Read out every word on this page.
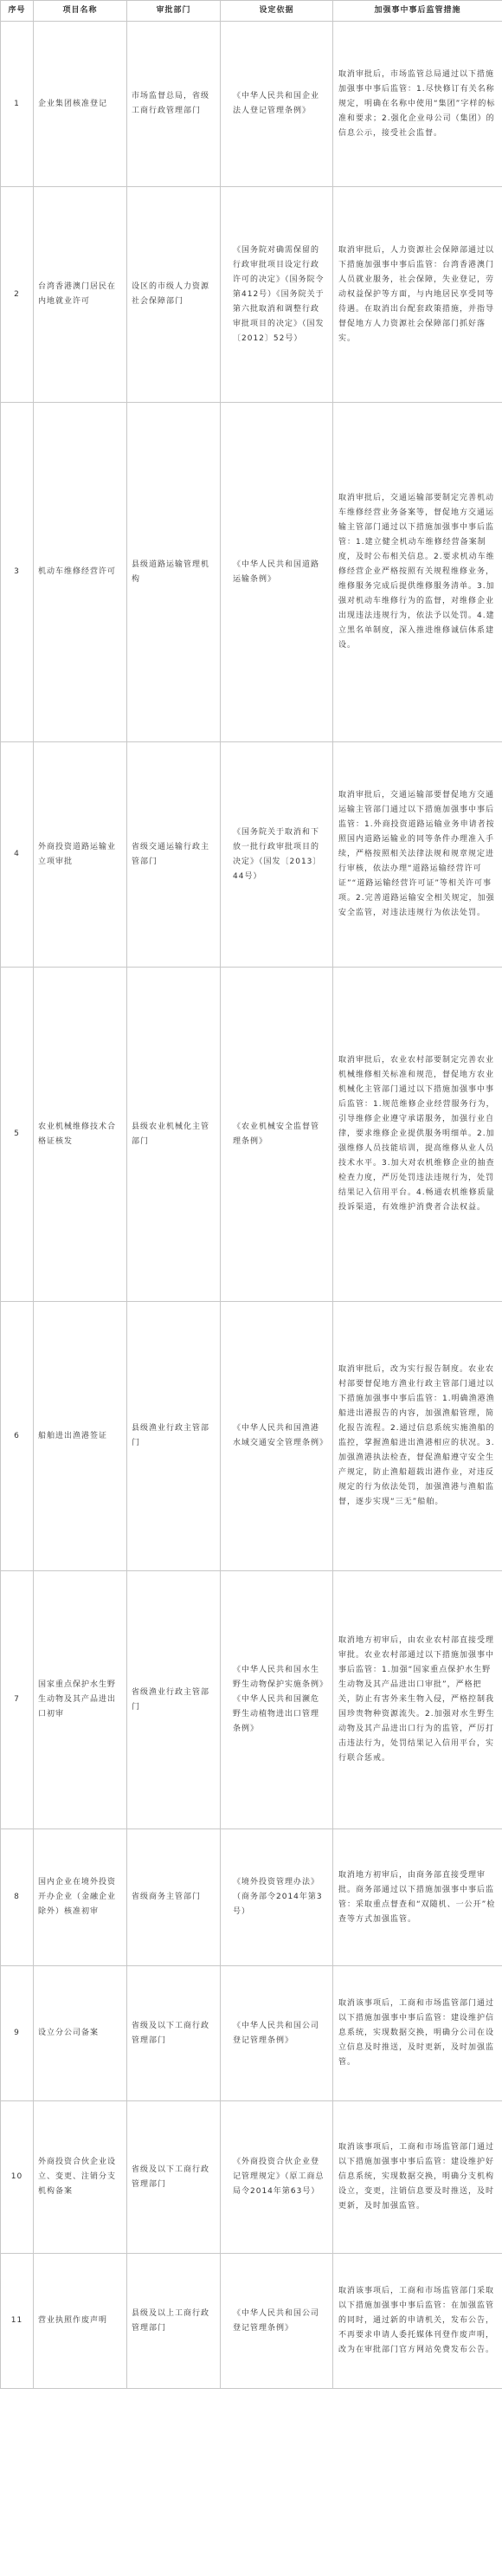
序号	项目名称	审批部门	设定依据	加强事中事后监管措施
1	企业集团核准登记	市场监督总局，省级工商行政管理部门	《中华人民共和国企业法人登记管理条例》	取消审批后，市场监管总局通过以下措施加强事中事后监管：1.尽快修订有关名称规定，明确在名称中使用“集团”字样的标准和要求；2.强化企业母公司（集团）的信息公示，接受社会监督。
2	台湾香港澳门居民在内地就业许可	设区的市级人力资源社会保障部门	《国务院对确需保留的行政审批项目设定行政许可的决定》（国务院令第412号）《国务院关于第六批取消和调整行政审批项目的决定》（国发〔2012〕52号）	取消审批后，人力资源社会保障部通过以下措施加强事中事后监管：台湾香港澳门人员就业服务，社会保障，失业登记，劳动权益保护等方面，与内地居民享受同等待遇。在取消出台配套政策措施，并指导督促地方人力资源社会保障部门抓好落实。
3	机动车维修经营许可	县级道路运输管理机构	《中华人民共和国道路运输条例》	取消审批后，交通运输部要制定完善机动车维修经营业务备案等，督促地方交通运输主管部门通过以下措施加强事中事后监管：1.建立健全机动车维修经营备案制度，及时公布相关信息。2.要求机动车维修经营企业严格按照有关规程维修业务，维修服务完成后提供维修服务清单。3.加强对机动车维修行为的监督，对维修企业出现违法违规行为，依法予以处罚。4.建立黑名单制度，深入推进维修诚信体系建设。
4	外商投资道路运输业立项审批	省级交通运输行政主管部门	《国务院关于取消和下放一批行政审批项目的决定》（国发〔2013〕44号）	取消审批后，交通运输部要督促地方交通运输主管部门通过以下措施加强事中事后监管：1.外商投资道路运输业务申请者按照国内道路运输业的同等条件办理准入手续，严格按照相关法律法规和规章规定进行审核，依法办理“道路运输经营许可证”“道路运输经营许可证”等相关许可事项。2.完善道路运输安全相关规定，加强安全监管，对违法违规行为依法处罚。
5	农业机械维修技术合格证核发	县级农业机械化主管部门	《农业机械安全监督管理条例》	取消审批后，农业农村部要制定完善农业机械维修相关标准和规范，督促地方农业机械化主管部门通过以下措施加强事中事后监管：1.规范维修企业经营服务行为，引导维修企业遵守承诺服务，加强行业自律，要求维修企业提供服务明细单。2.加强维修人员技能培训，提高维修从业人员技术水平。3.加大对农机维修企业的抽查检查力度，严厉处罚违法违规行为，处罚结果记入信用平台。4.畅通农机维修质量投诉渠道，有效维护消费者合法权益。
6	船舶进出渔港签证	县级渔业行政主管部门	《中华人民共和国渔港水域交通安全管理条例》	取消审批后，改为实行报告制度。农业农村部要督促地方渔业行政主管部门通过以下措施加强事中事后监管：1.明确渔港渔船进出港报告的内容，加强渔船管理，简化报告流程。2.通过信息系统实施渔船的监控，掌握渔船进出渔港相应的状况。3.加强渔港执法检查，督促渔船遵守安全生产规定，防止渔船超载出港作业，对违反规定的行为依法处罚，加强渔港与渔船监督，逐步实现“三无”船舶。
7	国家重点保护水生野生动物及其产品进出口初审	省级渔业行政主管部门	《中华人民共和国水生野生动物保护实施条例》《中华人民共和国濒危野生动植物进出口管理条例》	取消地方初审后，由农业农村部直接受理审批。农业农村部通过以下措施加强事中事后监管：1.加强“国家重点保护水生野生动物及其产品进出口审批”，严格把关，防止有害外来生物入侵，严格控制我国珍贵物种资源流失。2.加强对水生野生动物及其产品进出口行为的监管，严厉打击违法行为，处罚结果记入信用平台，实行联合惩戒。
8	国内企业在境外投资开办企业（金融企业除外）核准初审	省级商务主管部门	《境外投资管理办法》（商务部令2014年第3号）	取消地方初审后，由商务部直接受理审批。商务部通过以下措施加强事中事后监管：采取重点督查和“双随机、一公开”检查等方式加强监管。
9	设立分公司备案	省级及以下工商行政管理部门	《中华人民共和国公司登记管理条例》	取消该事项后，工商和市场监管部门通过以下措施加强事中事后监管：建设维护信息系统，实现数据交换，明确分公司在设立信息及时推送，及时更新，及时加强监管。
10	外商投资合伙企业设立、变更、注销分支机构备案	省级及以下工商行政管理部门	《外商投资合伙企业登记管理规定》（原工商总局令2014年第63号）	取消该事项后，工商和市场监管部门通过以下措施加强事中事后监管：建设维护好信息系统，实现数据交换，明确分支机构设立，变更，注销信息要及时推送，及时更新，及时加强监管。
11	营业执照作废声明	县级及以上工商行政管理部门	《中华人民共和国公司登记管理条例》	取消该事项后，工商和市场监管部门采取以下措施加强事中事后监管：在加强监管的同时，通过新的申请机关，发布公告，不再要求申请人委托媒体刊登作废声明，改为在审批部门官方网站免费发布公告。
